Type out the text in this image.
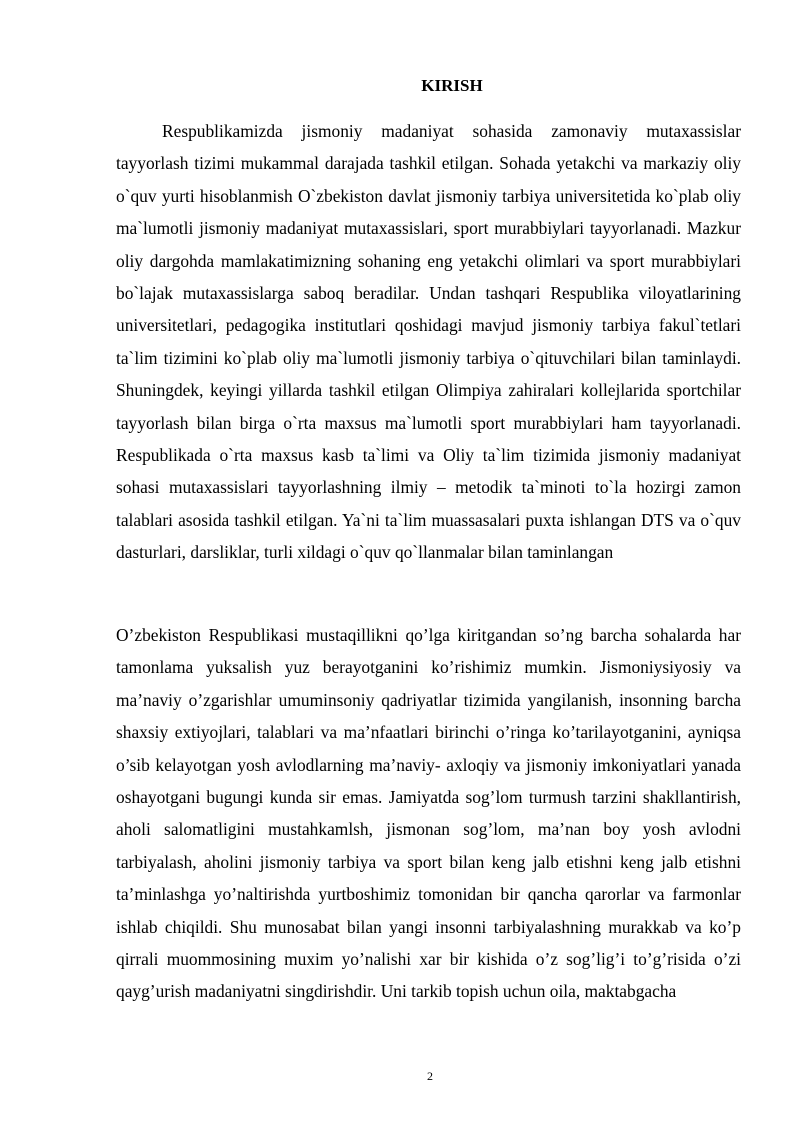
KIRISH

Respublikamizda jismoniy madaniyat sohasida zamonaviy mutaxassislar tayyorlash tizimi mukammal darajada tashkil etilgan. Sohada yetakchi va markaziy oliy o`quv yurti hisoblanmish O`zbekiston davlat jismoniy tarbiya universitetida ko`plab oliy ma`lumotli jismoniy madaniyat mutaxassislari, sport murabbiylari tayyorlanadi. Mazkur oliy dargohda mamlakatimizning sohaning eng yetakchi olimlari va sport murabbiylari bo`lajak mutaxassislarga saboq beradilar. Undan tashqari Respublika viloyatlarining universitetlari, pedagogika institutlari qoshidagi mavjud jismoniy tarbiya fakul`tetlari ta`lim tizimini ko`plab oliy ma`lumotli jismoniy tarbiya o`qituvchilari bilan taminlaydi. Shuningdek, keyingi yillarda tashkil etilgan Olimpiya zahiralari kollejlarida sportchilar tayyorlash bilan birga o`rta maxsus ma`lumotli sport murabbiylari ham tayyorlanadi. Respublikada o`rta maxsus kasb ta`limi va Oliy ta`lim tizimida jismoniy madaniyat sohasi mutaxassislari tayyorlashning ilmiy – metodik ta`minoti to`la hozirgi zamon talablari asosida tashkil etilgan. Ya`ni ta`lim muassasalari puxta ishlangan DTS va o`quv dasturlari, darsliklar, turli xildagi o`quv qo`llanmalar bilan taminlangan

O’zbekiston Respublikasi mustaqillikni qo’lga kiritgandan so’ng barcha sohalarda har tamonlama yuksalish yuz berayotganini ko’rishimiz mumkin. Jismoniysiyosiy va ma’naviy o’zgarishlar umuminsoniy qadriyatlar tizimida yangilanish, insonning barcha shaxsiy extiyojlari, talablari va ma’nfaatlari birinchi o’ringa ko’tarilayotganini, ayniqsa o’sib kelayotgan yosh avlodlarning ma’naviy- axloqiy va jismoniy imkoniyatlari yanada oshayotgani bugungi kunda sir emas. Jamiyatda sog’lom turmush tarzini shakllantirish, aholi salomatligini mustahkamlsh, jismonan sog’lom, ma’nan boy yosh avlodni tarbiyalash, aholini jismoniy tarbiya va sport bilan keng jalb etishni keng jalb etishni ta’minlashga yo’naltirishda yurtboshimiz tomonidan bir qancha qarorlar va farmonlar ishlab chiqildi. Shu munosabat bilan yangi insonni tarbiyalashning murakkab va ko’p qirrali muommosining muxim yo’nalishi xar bir kishida o’z sog’lig’i to’g’risida o’zi qayg’urish madaniyatni singdirishdir. Uni tarkib topish uchun oila, maktabgacha

2
